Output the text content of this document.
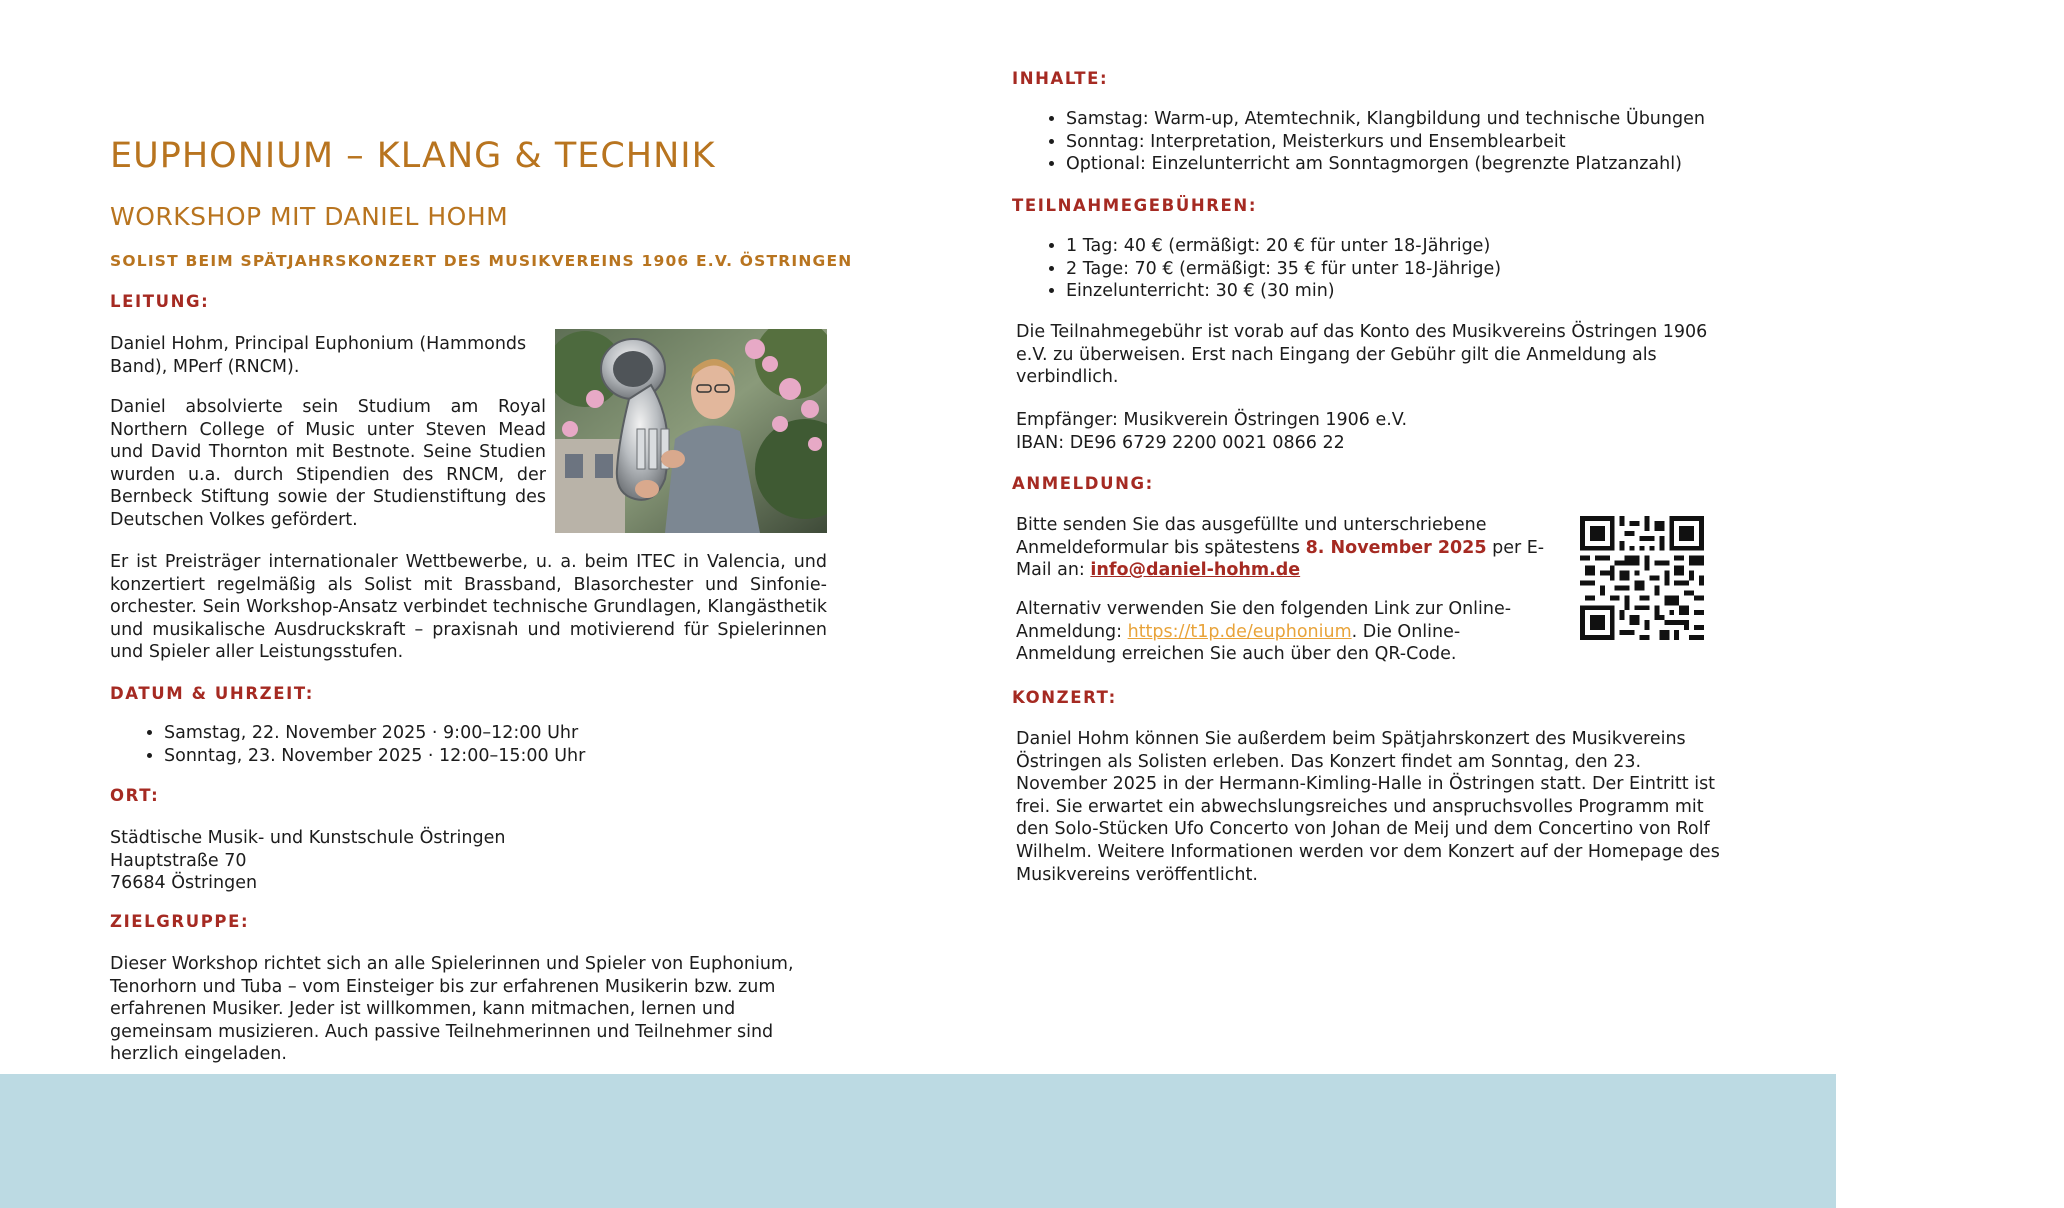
EUPHONIUM – KLANG & TECHNIK
WORKSHOP MIT DANIEL HOHM

SOLIST BEIM SPÄTJAHRSKONZERT DES MUSIKVEREINS 1906 E.V. ÖSTRINGEN

LEITUNG:

Daniel Hohm, Principal Euphonium (Hammonds Band), MPerf (RNCM).

Daniel absolvierte sein Studium am Royal Northern College of Music unter Steven Mead und David Thornton mit Bestnote. Seine Studien wurden u.a. durch Stipendien des RNCM, der Bernbeck Stiftung sowie der Studienstiftung des Deutschen Volkes gefördert.

Er ist Preisträger internationaler Wettbewerbe, u. a. beim ITEC in Valencia, und konzertiert regelmäßig als Solist mit Brassband, Blasorchester und Sinfonie-orchester. Sein Workshop-Ansatz verbindet technische Grundlagen, Klangästhetik und musikalische Ausdruckskraft – praxisnah und motivierend für Spielerinnen und Spieler aller Leistungsstufen.

DATUM & UHRZEIT:
• Samstag, 22. November 2025 · 9:00–12:00 Uhr
• Sonntag, 23. November 2025 · 12:00–15:00 Uhr
ORT:
Städtische Musik- und Kunstschule Östringen
Hauptstraße 70
76684 Östringen
ZIELGRUPPE:

Dieser Workshop richtet sich an alle Spielerinnen und Spieler von Euphonium, Tenorhorn und Tuba – vom Einsteiger bis zur erfahrenen Musikerin bzw. zum erfahrenen Musiker. Jeder ist willkommen, kann mitmachen, lernen und gemeinsam musizieren. Auch passive Teilnehmerinnen und Teilnehmer sind herzlich eingeladen.

INHALTE:
• Samstag: Warm-up, Atemtechnik, Klangbildung und technische Übungen
• Sonntag: Interpretation, Meisterkurs und Ensemblearbeit
• Optional: Einzelunterricht am Sonntagmorgen (begrenzte Platzanzahl)
TEILNAHMEGEBÜHREN:
• 1 Tag: 40 € (ermäßigt: 20 € für unter 18-Jährige)
• 2 Tage: 70 € (ermäßigt: 35 € für unter 18-Jährige)
• Einzelunterricht: 30 € (30 min)

Die Teilnahmegebühr ist vorab auf das Konto des Musikvereins Östringen 1906 e.V. zu überweisen. Erst nach Eingang der Gebühr gilt die Anmeldung als verbindlich.

Empfänger: Musikverein Östringen 1906 e.V.
IBAN: DE96 6729 2200 0021 0866 22
ANMELDUNG:

Bitte senden Sie das ausgefüllte und unterschriebene Anmeldeformular bis spätestens 8. November 2025 per E-Mail an: info@daniel-hohm.de

Alternativ verwenden Sie den folgenden Link zur Online-Anmeldung: https://t1p.de/euphonium. Die Online-Anmeldung erreichen Sie auch über den QR-Code.

KONZERT:

Daniel Hohm können Sie außerdem beim Spätjahrskonzert des Musikvereins Östringen als Solisten erleben. Das Konzert findet am Sonntag, den 23. November 2025 in der Hermann-Kimling-Halle in Östringen statt. Der Eintritt ist frei. Sie erwartet ein abwechslungsreiches und anspruchsvolles Programm mit den Solo-Stücken Ufo Concerto von Johan de Meij und dem Concertino von Rolf Wilhelm. Weitere Informationen werden vor dem Konzert auf der Homepage des Musikvereins veröffentlicht.
